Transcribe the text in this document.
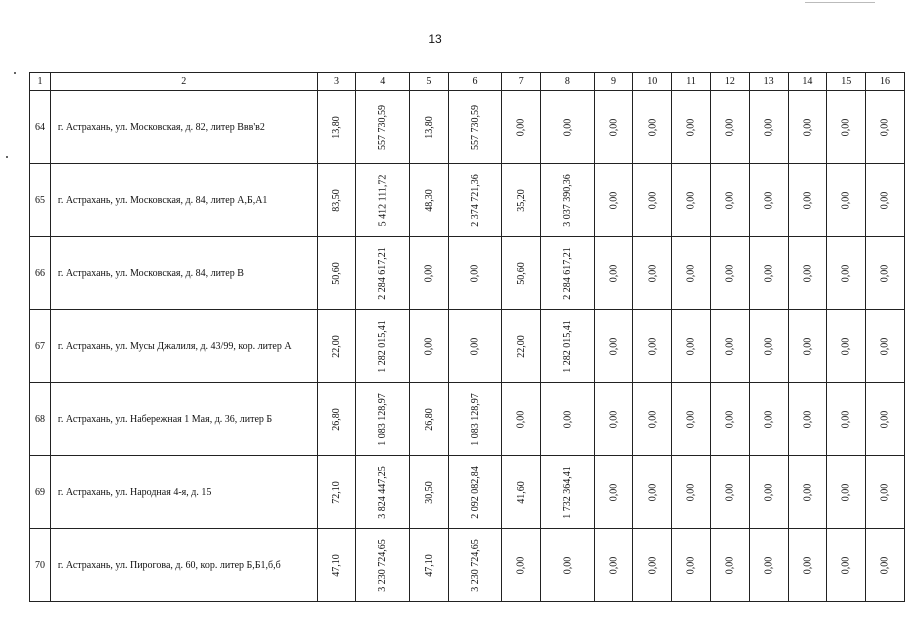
13
1	2	3	4	5	6	7	8	9	10	11	12	13	14	15	16
64	г. Астрахань, ул. Московская, д. 82, литер Ввв'в2	13,80	557 730,59	13,80	557 730,59	0,00	0,00	0,00	0,00	0,00	0,00	0,00	0,00	0,00	0,00
65	г. Астрахань, ул. Московская, д. 84, литер А,Б,А1	83,50	5 412 111,72	48,30	2 374 721,36	35,20	3 037 390,36	0,00	0,00	0,00	0,00	0,00	0,00	0,00	0,00
66	г. Астрахань, ул. Московская, д. 84, литер В	50,60	2 284 617,21	0,00	0,00	50,60	2 284 617,21	0,00	0,00	0,00	0,00	0,00	0,00	0,00	0,00
67	г. Астрахань, ул. Мусы Джалиля, д. 43/99, кор. литер А	22,00	1 282 015,41	0,00	0,00	22,00	1 282 015,41	0,00	0,00	0,00	0,00	0,00	0,00	0,00	0,00
68	г. Астрахань, ул. Набережная 1 Мая, д. 36, литер Б	26,80	1 083 128,97	26,80	1 083 128,97	0,00	0,00	0,00	0,00	0,00	0,00	0,00	0,00	0,00	0,00
69	г. Астрахань, ул. Народная 4-я, д. 15	72,10	3 824 447,25	30,50	2 092 082,84	41,60	1 732 364,41	0,00	0,00	0,00	0,00	0,00	0,00	0,00	0,00
70	г. Астрахань, ул. Пирогова, д. 60, кор. литер Б,Б1,б,б	47,10	3 230 724,65	47,10	3 230 724,65	0,00	0,00	0,00	0,00	0,00	0,00	0,00	0,00	0,00	0,00
